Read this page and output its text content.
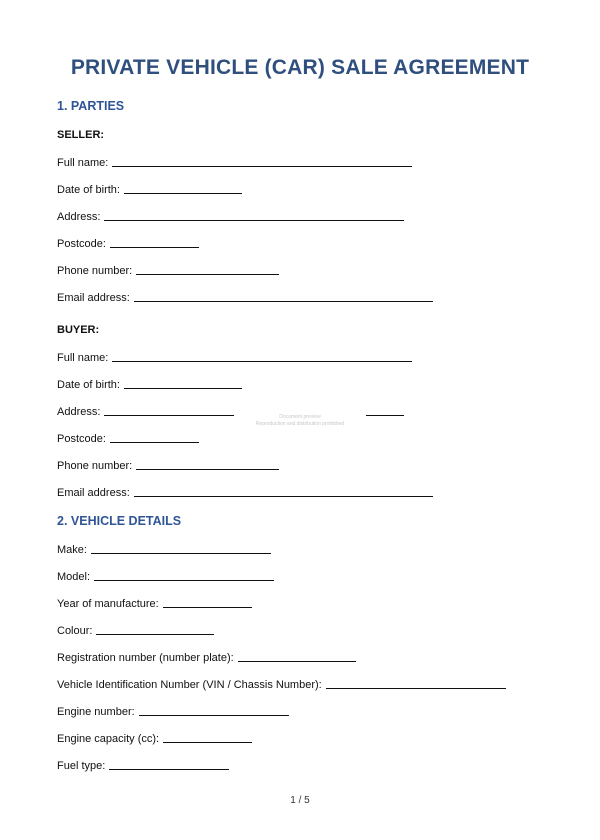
PRIVATE VEHICLE (CAR) SALE AGREEMENT
1. PARTIES
SELLER:
Full name:
Date of birth:
Address:
Postcode:
Phone number:
Email address:
BUYER:
Full name:
Date of birth:
Address:
Postcode:
Phone number:
Email address:
Document preview
Reproduction and distribution prohibited
2. VEHICLE DETAILS
Make:
Model:
Year of manufacture:
Colour:
Registration number (number plate):
Vehicle Identification Number (VIN / Chassis Number):
Engine number:
Engine capacity (cc):
Fuel type:
1 / 5
